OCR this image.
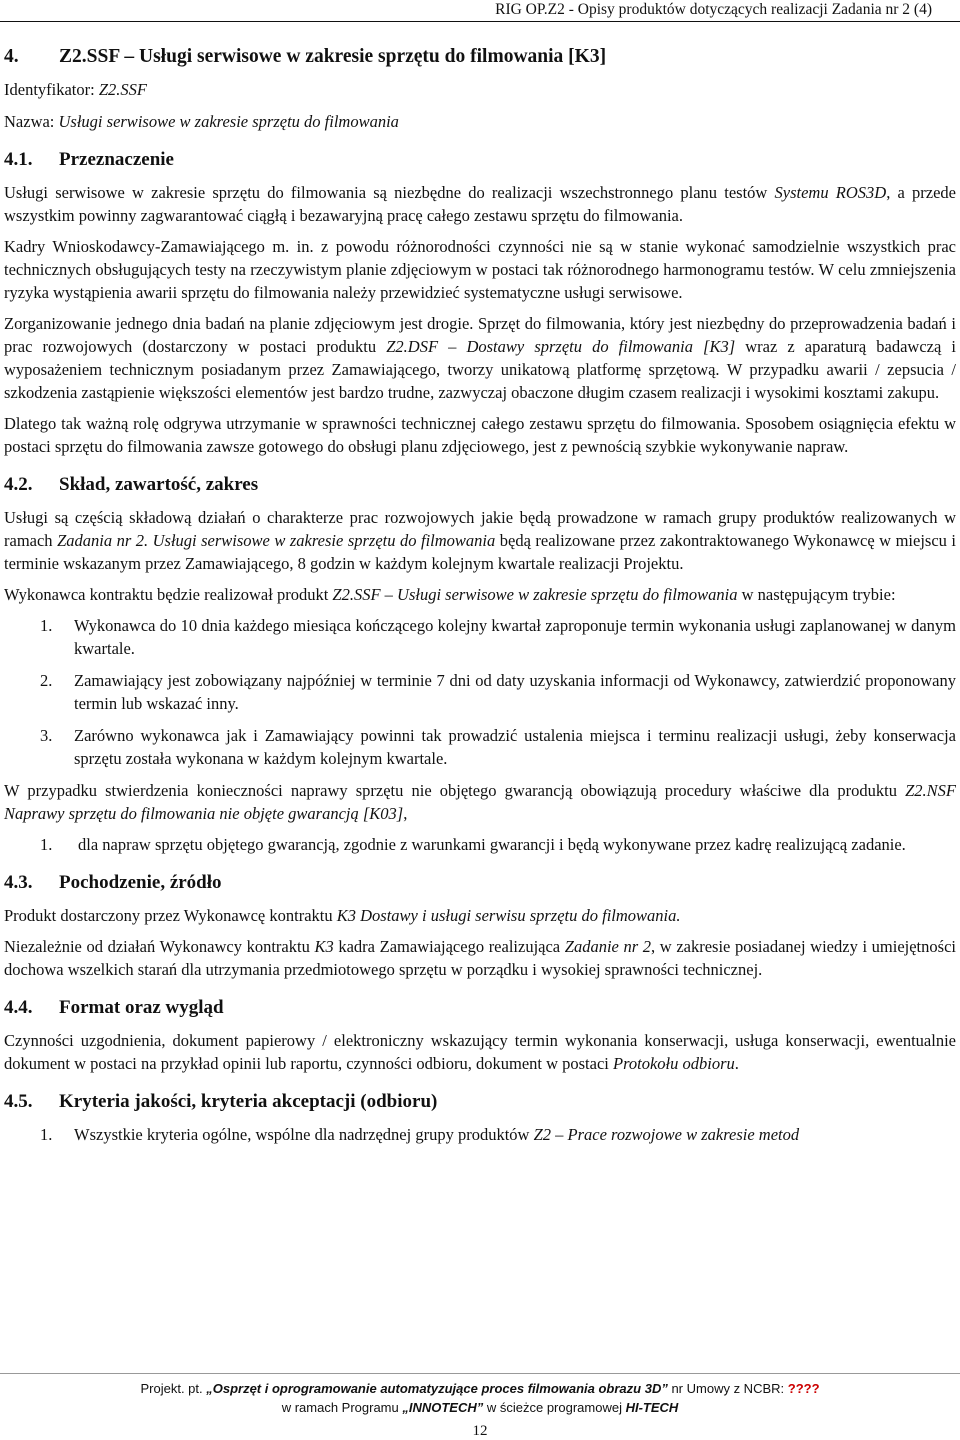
RIG OP.Z2 - Opisy produktów dotyczących realizacji Zadania nr 2 (4)
4. Z2.SSF – Usługi serwisowe w zakresie sprzętu do filmowania [K3]

Identyfikator: Z2.SSF

Nazwa: Usługi serwisowe w zakresie sprzętu do filmowania

4.1. Przeznaczenie

Usługi serwisowe w zakresie sprzętu do filmowania są niezbędne do realizacji wszechstronnego planu testów Systemu ROS3D, a przede wszystkim powinny zagwarantować ciągłą i bezawaryjną pracę całego zestawu sprzętu do filmowania.

Kadry Wnioskodawcy-Zamawiającego m. in. z powodu różnorodności czynności nie są w stanie wykonać samodzielnie wszystkich prac technicznych obsługujących testy na rzeczywistym planie zdjęciowym w postaci tak różnorodnego harmonogramu testów. W celu zmniejszenia ryzyka wystąpienia awarii sprzętu do filmowania należy przewidzieć systematyczne usługi serwisowe.

Zorganizowanie jednego dnia badań na planie zdjęciowym jest drogie. Sprzęt do filmowania, który jest niezbędny do przeprowadzenia badań i prac rozwojowych (dostarczony w postaci produktu Z2.DSF – Dostawy sprzętu do filmowania [K3] wraz z aparaturą badawczą i wyposażeniem technicznym posiadanym przez Zamawiającego, tworzy unikatową platformę sprzętową. W przypadku awarii / zepsucia / szkodzenia zastąpienie większości elementów jest bardzo trudne, zazwyczaj obaczone długim czasem realizacji i wysokimi kosztami zakupu.

Dlatego tak ważną rolę odgrywa utrzymanie w sprawności technicznej całego zestawu sprzętu do filmowania. Sposobem osiągnięcia efektu w postaci sprzętu do filmowania zawsze gotowego do obsługi planu zdjęciowego, jest z pewnością szybkie wykonywanie napraw.

4.2. Skład, zawartość, zakres

Usługi są częścią składową działań o charakterze prac rozwojowych jakie będą prowadzone w ramach grupy produktów realizowanych w ramach Zadania nr 2. Usługi serwisowe w zakresie sprzętu do filmowania będą realizowane przez zakontraktowanego Wykonawcę w miejscu i terminie wskazanym przez Zamawiającego, 8 godzin w każdym kolejnym kwartale realizacji Projektu.

Wykonawca kontraktu będzie realizował produkt Z2.SSF – Usługi serwisowe w zakresie sprzętu do filmowania w następującym trybie:

1. Wykonawca do 10 dnia każdego miesiąca kończącego kolejny kwartał zaproponuje termin wykonania usługi zaplanowanej w danym kwartale.
2. Zamawiający jest zobowiązany najpóźniej w terminie 7 dni od daty uzyskania informacji od Wykonawcy, zatwierdzić proponowany termin lub wskazać inny.
3. Zarówno wykonawca jak i Zamawiający powinni tak prowadzić ustalenia miejsca i terminu realizacji usługi, żeby konserwacja sprzętu została wykonana w każdym kolejnym kwartale.

W przypadku stwierdzenia konieczności naprawy sprzętu nie objętego gwarancją obowiązują procedury właściwe dla produktu Z2.NSF Naprawy sprzętu do filmowania nie objęte gwarancją [K03],

1. dla napraw sprzętu objętego gwarancją, zgodnie z warunkami gwarancji i będą wykonywane przez kadrę realizującą zadanie.
4.3. Pochodzenie, źródło

Produkt dostarczony przez Wykonawcę kontraktu K3 Dostawy i usługi serwisu sprzętu do filmowania.

Niezależnie od działań Wykonawcy kontraktu K3 kadra Zamawiającego realizująca Zadanie nr 2, w zakresie posiadanej wiedzy i umiejętności dochowa wszelkich starań dla utrzymania przedmiotowego sprzętu w porządku i wysokiej sprawności technicznej.

4.4. Format oraz wygląd

Czynności uzgodnienia, dokument papierowy / elektroniczny wskazujący termin wykonania konserwacji, usługa konserwacji, ewentualnie dokument w postaci na przykład opinii lub raportu, czynności odbioru, dokument w postaci Protokołu odbioru.

4.5. Kryteria jakości, kryteria akceptacji (odbioru)
1. Wszystkie kryteria ogólne, wspólne dla nadrzędnej grupy produktów Z2 – Prace rozwojowe w zakresie metod
Projekt. pt. „Osprzęt i oprogramowanie automatyzujące proces filmowania obrazu 3D” nr Umowy z NCBR: ????
w ramach Programu „INNOTECH” w ścieżce programowej HI-TECH
12
